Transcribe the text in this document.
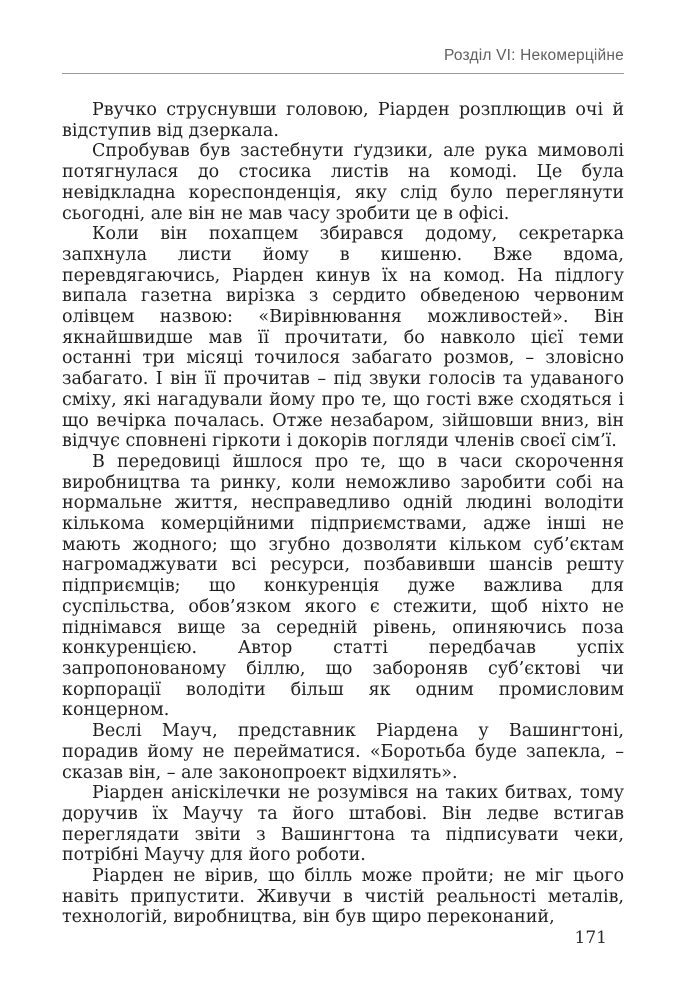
Розділ VI: Некомерційне

Рвучко струснувши головою, Ріарден розплющив очі й відступив від дзеркала.

Спробував був застебнути ґудзики, але рука мимоволі потягнулася до стосика листів на комоді. Це була невідкладна кореспонденція, яку слід було переглянути сьогодні, але він не мав часу зробити це в офісі.

Коли він похапцем збирався додому, секретарка запхнула листи йому в кишеню. Вже вдома, перевдягаючись, Ріарден кинув їх на комод. На підлогу випала газетна вирізка з сердито обведеною червоним олівцем назвою: «Вирівнювання можливостей». Він якнайшвидше мав її прочитати, бо навколо цієї теми останні три місяці точилося забагато розмов, – зловісно забагато. І він її прочитав – під звуки голосів та удаваного сміху, які нагадували йому про те, що гості вже сходяться і що вечірка почалась. Отже незабаром, зійшовши вниз, він відчує сповнені гіркоти і докорів погляди членів своєї сім’ї.

В передовиці йшлося про те, що в часи скорочення виробництва та ринку, коли неможливо заробити собі на нормальне життя, несправедливо одній людині володіти кількома комерційними підприємствами, адже інші не мають жодного; що згубно дозволяти кільком суб’єктам нагромаджувати всі ресурси, позбавивши шансів решту підприємців; що конкуренція дуже важлива для суспільства, обов’язком якого є стежити, щоб ніхто не піднімався вище за середній рівень, опиняючись поза конкуренцією. Автор статті передбачав успіх запропонованому біллю, що забороняв суб’єктові чи корпорації володіти більш як одним промисловим концерном.

Веслі Мауч, представник Ріардена у Вашингтоні, порадив йому не перейматися. «Боротьба буде запекла, – сказав він, – але законопроект відхилять».

Ріарден аніскілечки не розумівся на таких битвах, тому доручив їх Маучу та його штабові. Він ледве встигав переглядати звіти з Вашингтона та підписувати чеки, потрібні Маучу для його роботи.

Ріарден не вірив, що білль може пройти; не міг цього навіть припустити. Живучи в чистій реальності металів, технологій, виробництва, він був щиро переконаний,

171
